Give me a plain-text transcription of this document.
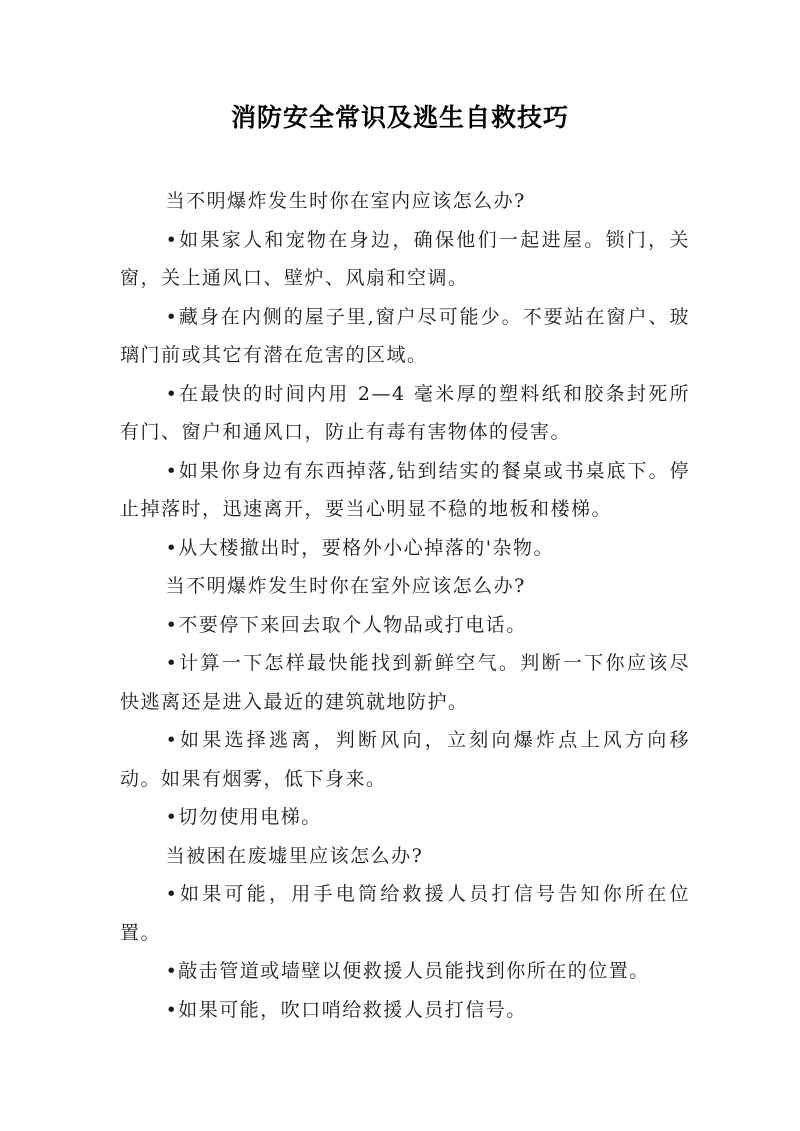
消防安全常识及逃生自救技巧

当不明爆炸发生时你在室内应该怎么办?

•如果家人和宠物在身边，确保他们一起进屋。锁门，关窗，关上通风口、壁炉、风扇和空调。

•藏身在内侧的屋子里,窗户尽可能少。不要站在窗户、玻璃门前或其它有潜在危害的区域。

•在最快的时间内用 2—4 毫米厚的塑料纸和胶条封死所有门、窗户和通风口，防止有毒有害物体的侵害。

•如果你身边有东西掉落,钻到结实的餐桌或书桌底下。停止掉落时，迅速离开，要当心明显不稳的地板和楼梯。

•从大楼撤出时，要格外小心掉落的'杂物。

当不明爆炸发生时你在室外应该怎么办?

•不要停下来回去取个人物品或打电话。

•计算一下怎样最快能找到新鲜空气。判断一下你应该尽快逃离还是进入最近的建筑就地防护。

•如果选择逃离，判断风向，立刻向爆炸点上风方向移动。如果有烟雾，低下身来。

•切勿使用电梯。

当被困在废墟里应该怎么办?

•如果可能，用手电筒给救援人员打信号告知你所在位置。

•敲击管道或墙壁以便救援人员能找到你所在的位置。

•如果可能，吹口哨给救援人员打信号。
